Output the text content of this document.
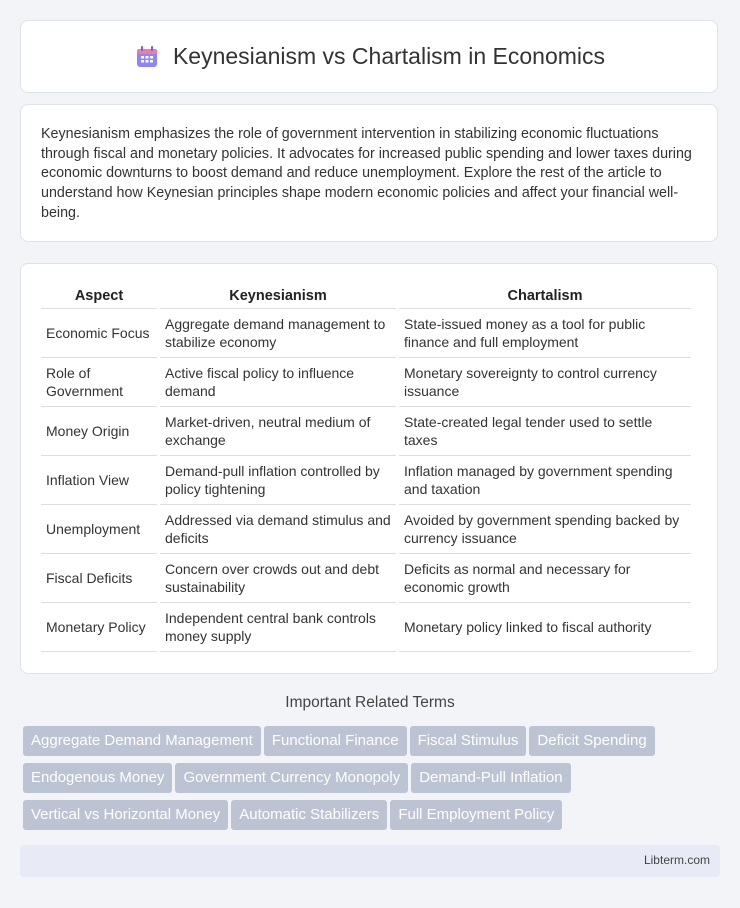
Keynesianism vs Chartalism in Economics

Keynesianism emphasizes the role of government intervention in stabilizing economic fluctuations through fiscal and monetary policies. It advocates for increased public spending and lower taxes during economic downturns to boost demand and reduce unemployment. Explore the rest of the article to understand how Keynesian principles shape modern economic policies and affect your financial well-being.

Aspect	Keynesianism	Chartalism
Economic Focus	Aggregate demand management to stabilize economy	State-issued money as a tool for public finance and full employment
Role of Government	Active fiscal policy to influence demand	Monetary sovereignty to control currency issuance
Money Origin	Market-driven, neutral medium of exchange	State-created legal tender used to settle taxes
Inflation View	Demand-pull inflation controlled by policy tightening	Inflation managed by government spending and taxation
Unemployment	Addressed via demand stimulus and deficits	Avoided by government spending backed by currency issuance
Fiscal Deficits	Concern over crowds out and debt sustainability	Deficits as normal and necessary for economic growth
Monetary Policy	Independent central bank controls money supply	Monetary policy linked to fiscal authority
Important Related Terms
Aggregate Demand Management Functional Finance Fiscal Stimulus Deficit SpendingEndogenous Money Government Currency Monopoly Demand-Pull InflationVertical vs Horizontal Money Automatic Stabilizers Full Employment Policy
Libterm.com
